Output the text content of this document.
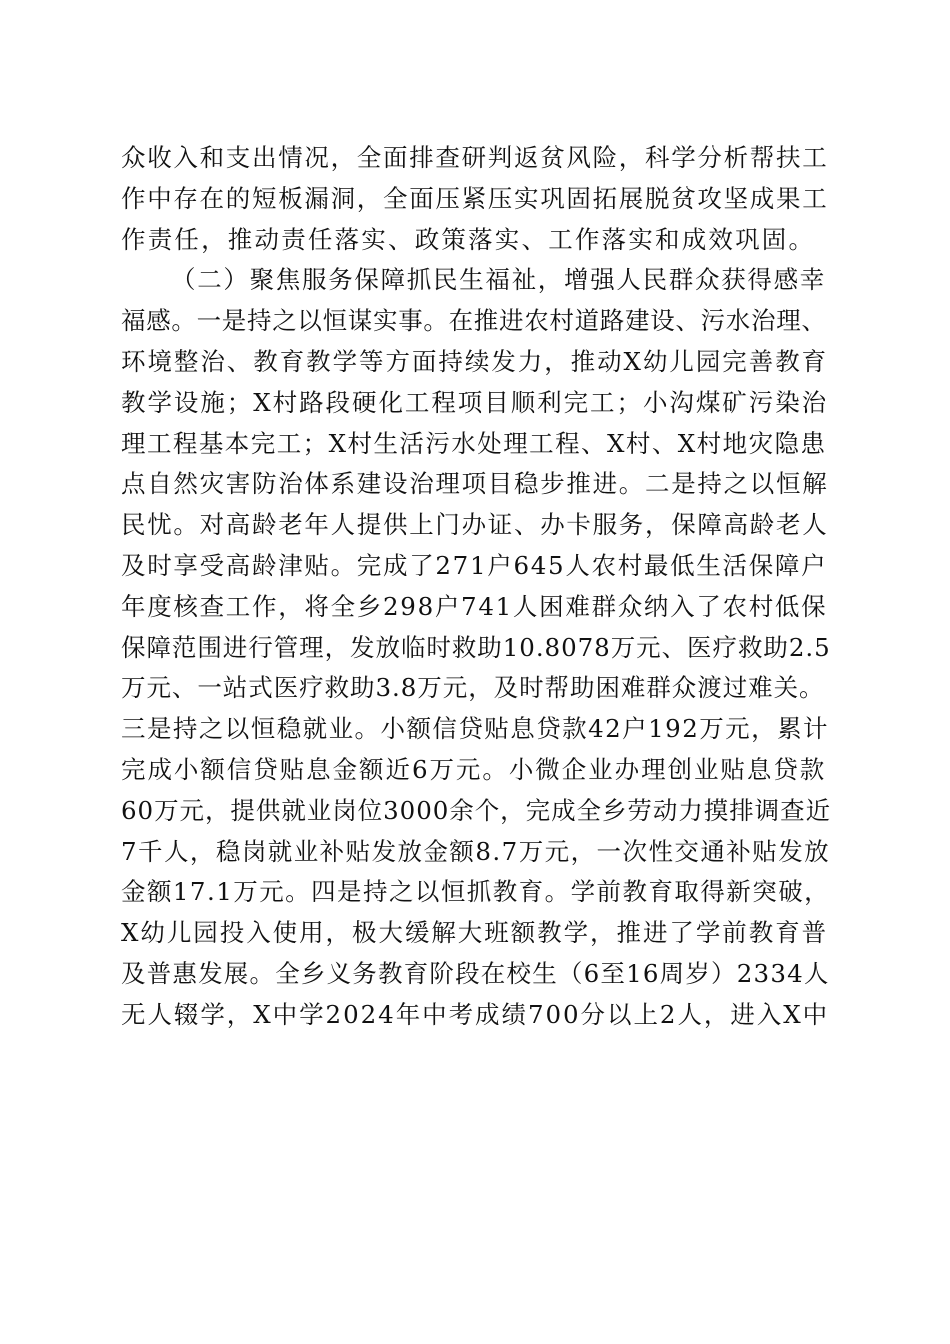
众收入和支出情况，全面排查研判返贫风险，科学分析帮扶工
作中存在的短板漏洞，全面压紧压实巩固拓展脱贫攻坚成果工
作责任，推动责任落实、政策落实、工作落实和成效巩固。
（二）聚焦服务保障抓民生福祉，增强人民群众获得感幸
福感。一是持之以恒谋实事。在推进农村道路建设、污水治理、
环境整治、教育教学等方面持续发力，推动X幼儿园完善教育
教学设施；X村路段硬化工程项目顺利完工；小沟煤矿污染治
理工程基本完工；X村生活污水处理工程、X村、X村地灾隐患
点自然灾害防治体系建设治理项目稳步推进。二是持之以恒解
民忧。对高龄老年人提供上门办证、办卡服务，保障高龄老人
及时享受高龄津贴。完成了271户645人农村最低生活保障户
年度核查工作，将全乡298户741人困难群众纳入了农村低保
保障范围进行管理，发放临时救助10.8078万元、医疗救助2.5
万元、一站式医疗救助3.8万元，及时帮助困难群众渡过难关。
三是持之以恒稳就业。小额信贷贴息贷款42户192万元，累计
完成小额信贷贴息金额近6万元。小微企业办理创业贴息贷款
60万元，提供就业岗位3000余个，完成全乡劳动力摸排调查近
7千人，稳岗就业补贴发放金额8.7万元，一次性交通补贴发放
金额17.1万元。四是持之以恒抓教育。学前教育取得新突破，
X幼儿园投入使用，极大缓解大班额教学，推进了学前教育普
及普惠发展。全乡义务教育阶段在校生（6至16周岁）2334人
无人辍学，X中学2024年中考成绩700分以上2人，进入X中
